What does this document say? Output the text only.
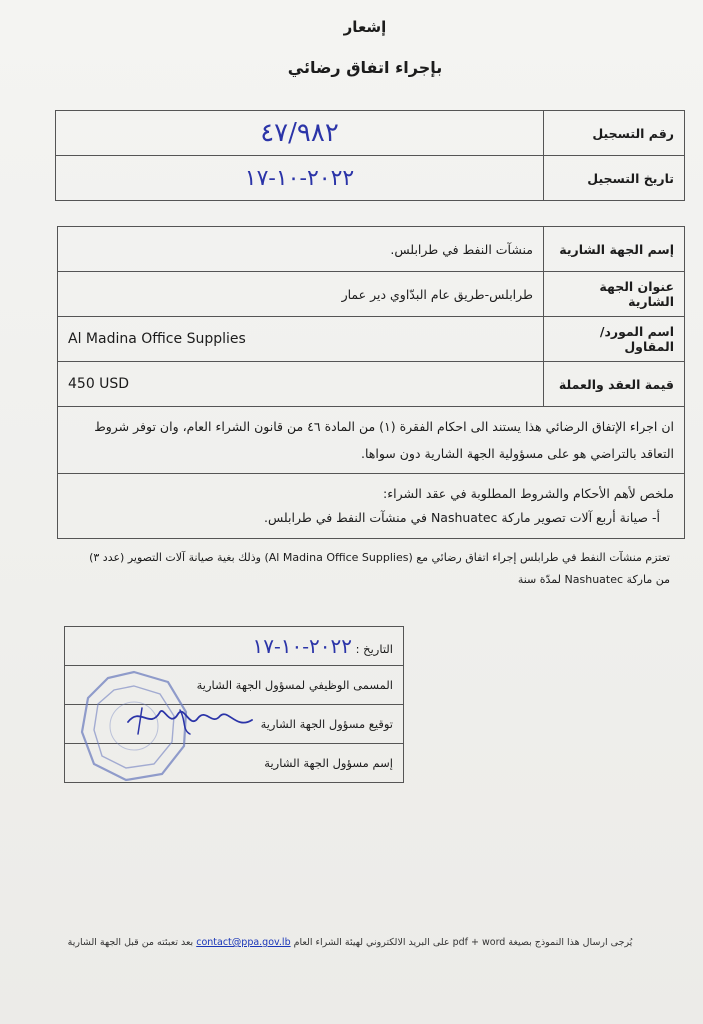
إشعار
بإجراء اتفاق رضائي
٤٧/٩٨٢	رقم التسجيل
٢٠٢٢-١٠-١٧	تاريخ التسجيل
منشآت النفط في طرابلس.	إسم الجهة الشارية
طرابلس-طريق عام البدّاوي دير عمار	عنوان الجهة الشارية
Al Madina Office Supplies	اسم المورد/المقاول
450 USD	قيمة العقد والعملة
ان اجراء الإتفاق الرضائي هذا يستند الى احكام الفقرة (١) من المادة ٤٦ من قانون الشراء العام، وان توفر شروط التعاقد بالتراضي هو على مسؤولية الجهة الشارية دون سواها.	

ملخص لأهم الأحكام والشروط المطلوبة في عقد الشراء:
أ- صيانة أربع آلات تصوير ماركة Nashuatec في منشآت النفط في طرابلس.	
تعتزم منشآت النفط في طرابلس إجراء اتفاق رضائي مع (Al Madina Office Supplies) وذلك بغية صيانة آلات التصوير (عدد ٣)
من ماركة Nashuatec لمدّة سنة
التاريخ : ٢٠٢٢-١٠-١٧
المسمى الوظيفي لمسؤول الجهة الشارية
توقيع مسؤول الجهة الشارية
إسم مسؤول الجهة الشارية
يُرجى ارسال هذا النموذج بصيغة pdf + word على البريد الالكتروني لهيئة الشراء العام contact@ppa.gov.lb بعد تعبئته من قبل الجهة الشارية
